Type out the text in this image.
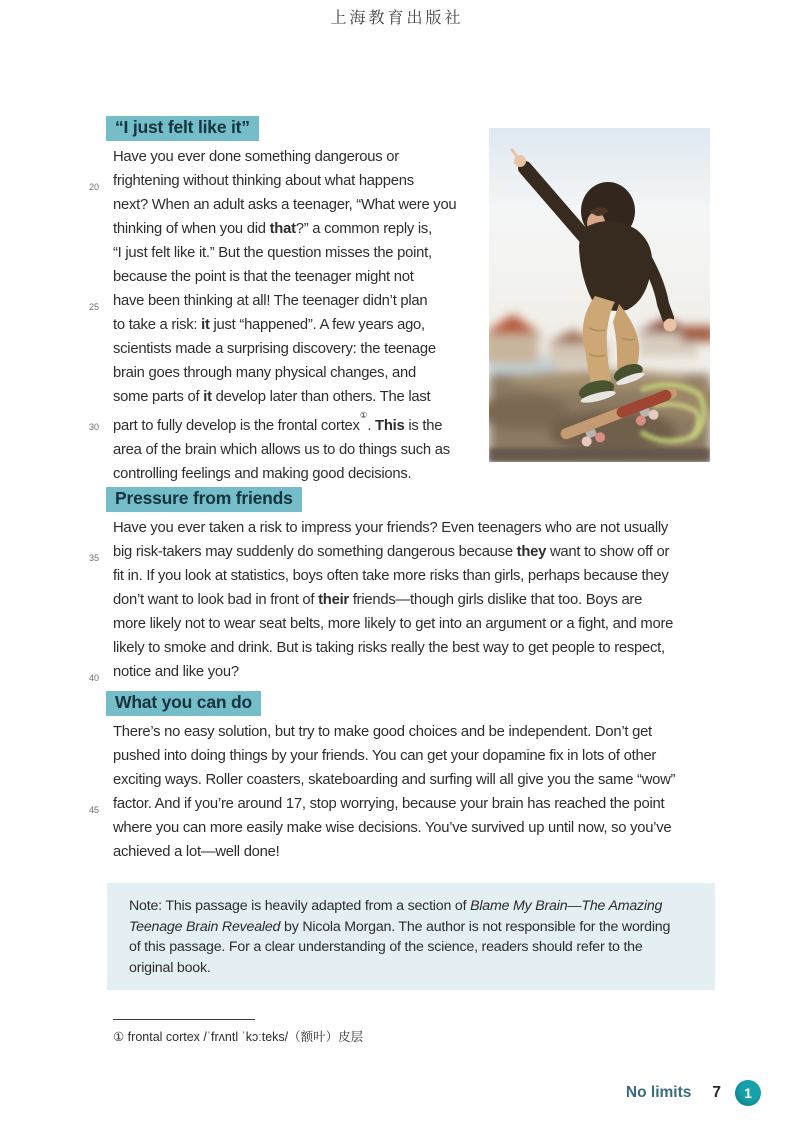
上海教育出版社
“I just felt like it”
Have you ever done something dangerous or
20 frightening without thinking about what happens
next? When an adult asks a teenager, “What were you
thinking of when you did that?” a common reply is,
“I just felt like it.” But the question misses the point,
because the point is that the teenager might not
25 have been thinking at all! The teenager didn’t plan
to take a risk: it just “happened”. A few years ago,
scientists made a surprising discovery: the teenage
brain goes through many physical changes, and
some parts of it develop later than others. The last
30 part to fully develop is the frontal cortex①. This is the
area of the brain which allows us to do things such as
controlling feelings and making good decisions.
Pressure from friends
Have you ever taken a risk to impress your friends? Even teenagers who are not usually
35 big risk-takers may suddenly do something dangerous because they want to show off or
fit in. If you look at statistics, boys often take more risks than girls, perhaps because they
don’t want to look bad in front of their friends—though girls dislike that too. Boys are
more likely not to wear seat belts, more likely to get into an argument or a fight, and more
likely to smoke and drink. But is taking risks really the best way to get people to respect,
40 notice and like you?
What you can do
There’s no easy solution, but try to make good choices and be independent. Don’t get
pushed into doing things by your friends. You can get your dopamine fix in lots of other
exciting ways. Roller coasters, skateboarding and surfing will all give you the same “wow”
45 factor. And if you’re around 17, stop worrying, because your brain has reached the point
where you can more easily make wise decisions. You’ve survived up until now, so you’ve
achieved a lot—well done!
Note: This passage is heavily adapted from a section of Blame My Brain—The Amazing
Teenage Brain Revealed by Nicola Morgan. The author is not responsible for the wording
of this passage. For a clear understanding of the science, readers should refer to the
original book.
① frontal cortex /ˈfrʌntl ˈkɔːteks/（额叶）皮层
No limits 7	1
